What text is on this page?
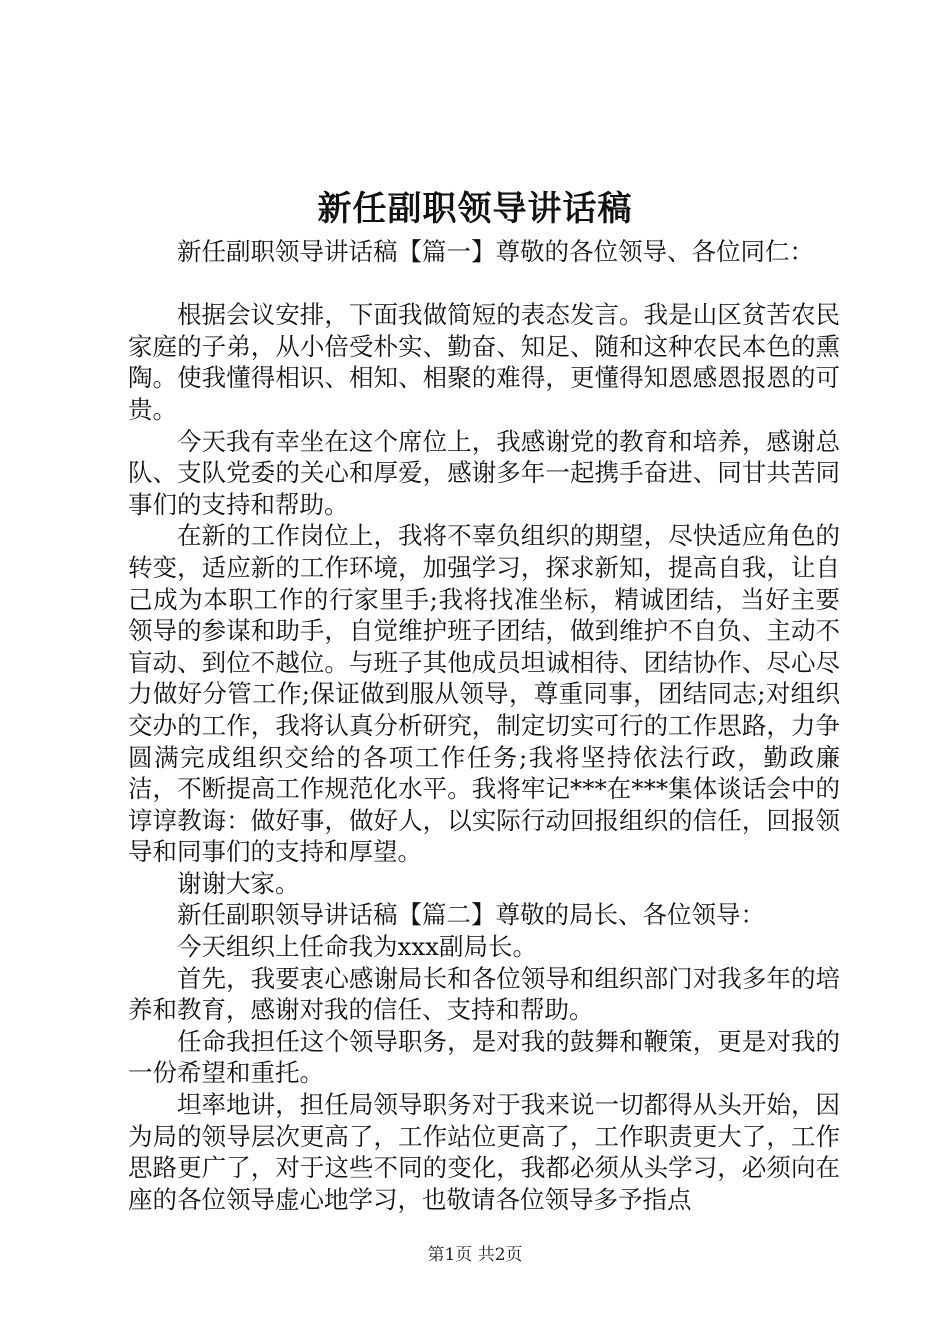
新任副职领导讲话稿

新任副职领导讲话稿【篇一】尊敬的各位领导、各位同仁：

根据会议安排，下面我做简短的表态发言。我是山区贫苦农民家庭的子弟，从小倍受朴实、勤奋、知足、随和这种农民本色的熏陶。使我懂得相识、相知、相聚的难得，更懂得知恩感恩报恩的可贵。

今天我有幸坐在这个席位上，我感谢党的教育和培养，感谢总队、支队党委的关心和厚爱，感谢多年一起携手奋进、同甘共苦同事们的支持和帮助。

在新的工作岗位上，我将不辜负组织的期望，尽快适应角色的转变，适应新的工作环境，加强学习，探求新知，提高自我，让自己成为本职工作的行家里手;我将找准坐标，精诚团结，当好主要领导的参谋和助手，自觉维护班子团结，做到维护不自负、主动不盲动、到位不越位。与班子其他成员坦诚相待、团结协作、尽心尽力做好分管工作;保证做到服从领导，尊重同事，团结同志;对组织交办的工作，我将认真分析研究，制定切实可行的工作思路，力争圆满完成组织交给的各项工作任务;我将坚持依法行政，勤政廉洁，不断提高工作规范化水平。我将牢记***在***集体谈话会中的谆谆教诲：做好事，做好人，以实际行动回报组织的信任，回报领导和同事们的支持和厚望。

谢谢大家。

新任副职领导讲话稿【篇二】尊敬的局长、各位领导：

今天组织上任命我为xxx副局长。

首先，我要衷心感谢局长和各位领导和组织部门对我多年的培养和教育，感谢对我的信任、支持和帮助。

任命我担任这个领导职务，是对我的鼓舞和鞭策，更是对我的一份希望和重托。

坦率地讲，担任局领导职务对于我来说一切都得从头开始，因为局的领导层次更高了，工作站位更高了，工作职责更大了，工作思路更广了，对于这些不同的变化，我都必须从头学习，必须向在座的各位领导虚心地学习，也敬请各位领导多予指点

第1页 共2页
